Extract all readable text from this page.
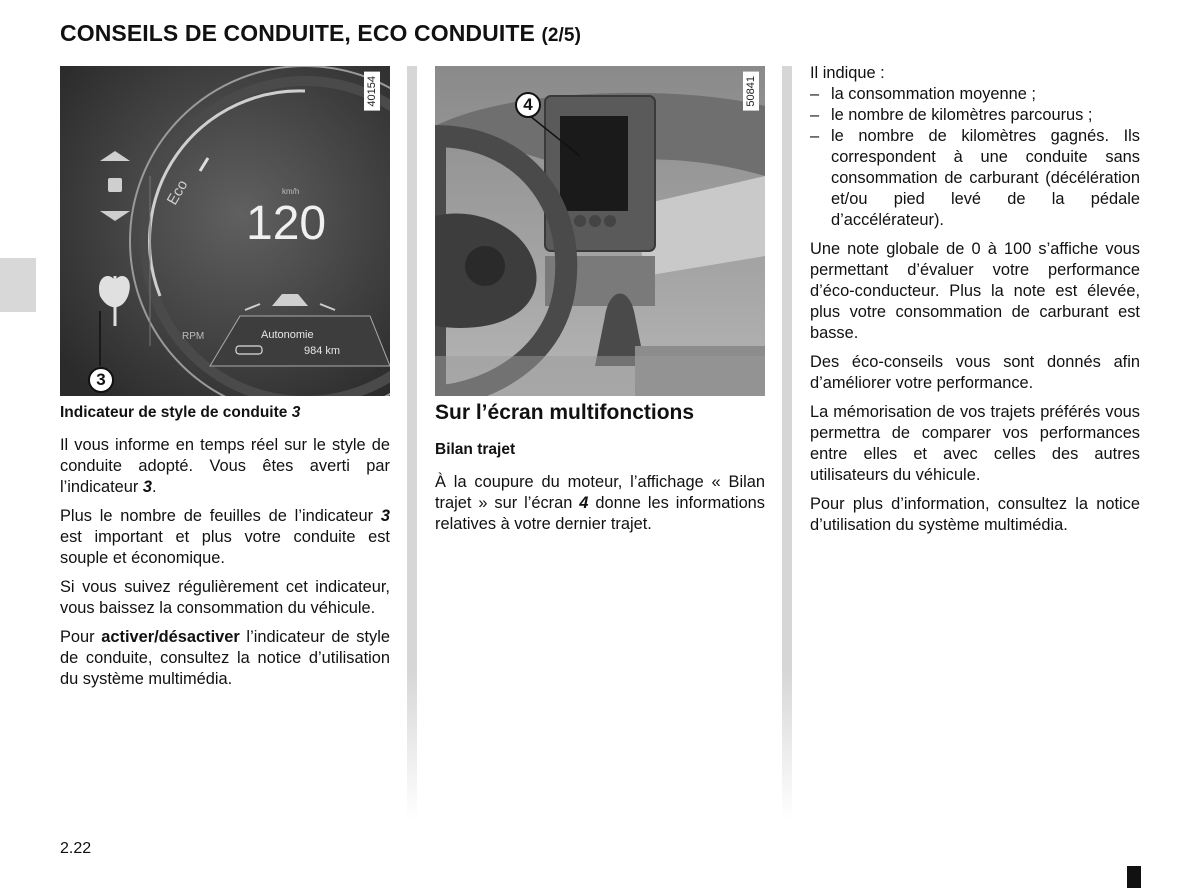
CONSEILS DE CONDUITE, ECO CONDUITE (2/5)
Eco	km/h
120
RPM	Autonomie
984 km
40154
3
50841
4

Indicateur de style de conduite 3

Il vous informe en temps réel sur le style de conduite adopté. Vous êtes averti par l’indicateur 3.

Plus le nombre de feuilles de l’indicateur 3 est important et plus votre conduite est souple et économique.

Si vous suivez régulièrement cet indicateur, vous baissez la consommation du véhicule.

Pour activer/désactiver l’indicateur de style de conduite, consultez la notice d’utilisation du système multimédia.

Sur l’écran multifonctions

Bilan trajet

À la coupure du moteur, l’affichage « Bilan trajet » sur l’écran 4 donne les informations relatives à votre dernier trajet.

Il indique :

– la consommation moyenne ;
– le nombre de kilomètres parcourus ;
– le nombre de kilomètres gagnés. Ils correspondent à une conduite sans consommation de carburant (décélération et/ou pied levé de la pédale d’accélérateur).

Une note globale de 0 à 100 s’affiche vous permettant d’évaluer votre performance d’éco-conducteur. Plus la note est élevée, plus votre consommation de carburant est basse.

Des éco-conseils vous sont donnés afin d’améliorer votre performance.

La mémorisation de vos trajets préférés vous permettra de comparer vos performances entre elles et avec celles des autres utilisateurs du véhicule.

Pour plus d’information, consultez la notice d’utilisation du système multimédia.

2.22
